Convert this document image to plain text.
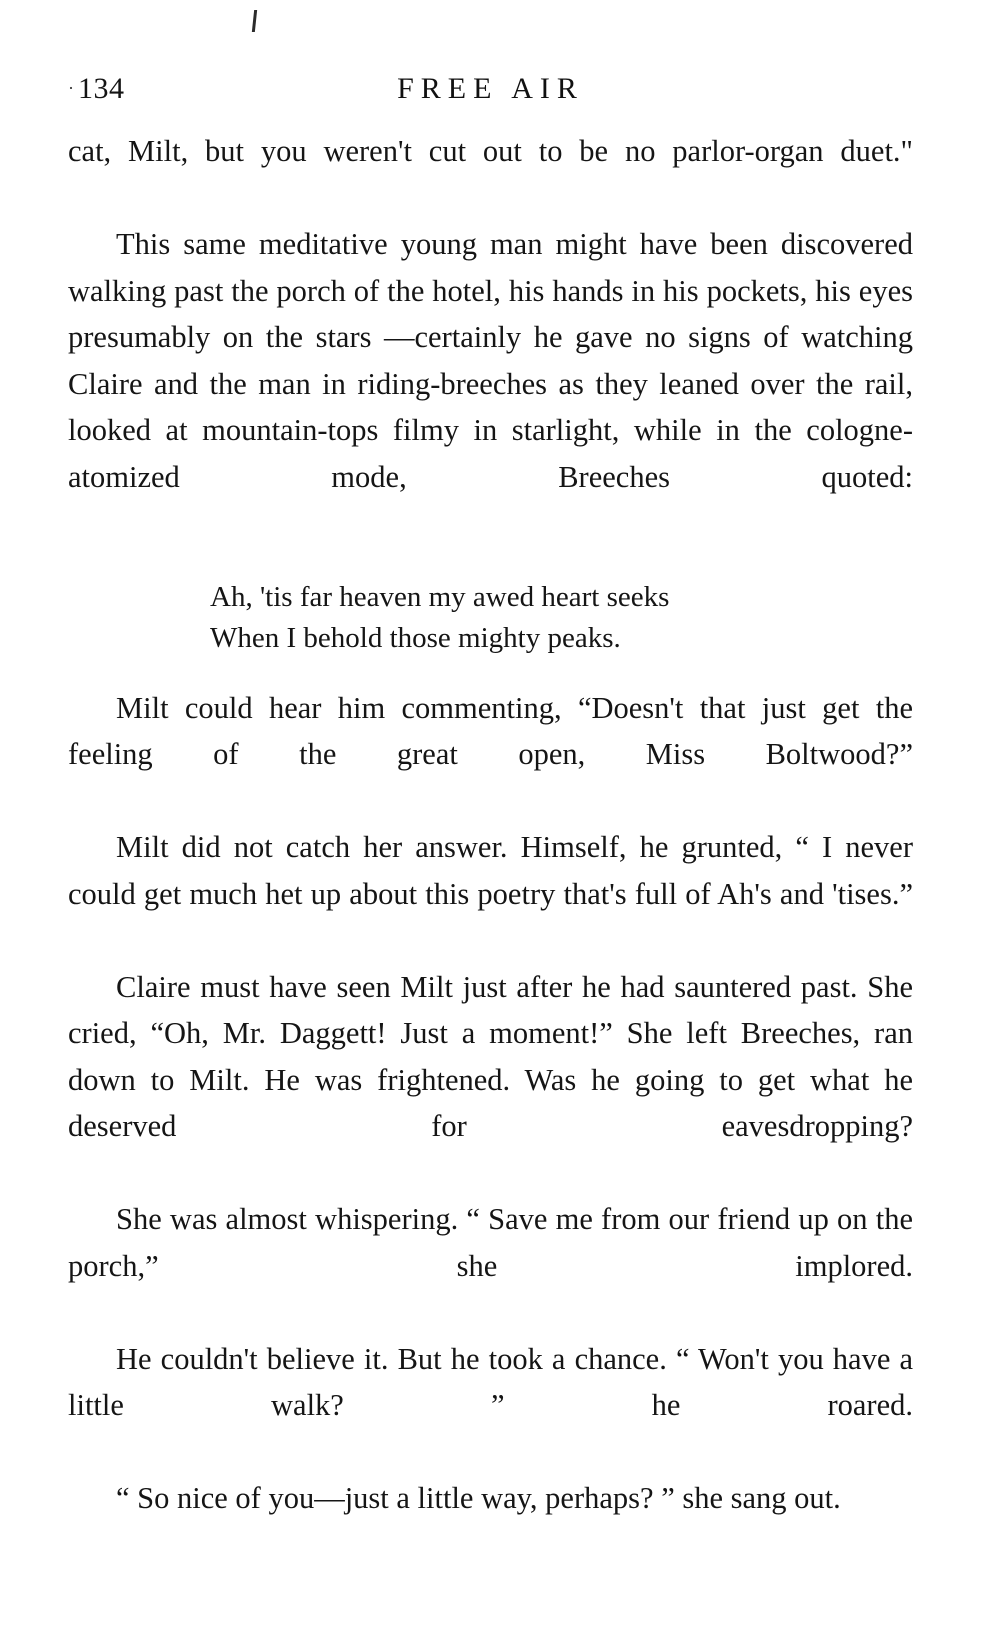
· 134	FREE AIR

cat, Milt, but you weren't cut out to be no parlor-organ duet."

This same meditative young man might have been discovered walking past the porch of the hotel, his hands in his pockets, his eyes presumably on the stars —certainly he gave no signs of watching Claire and the man in riding-breeches as they leaned over the rail, looked at mountain-tops filmy in starlight, while in the cologne-atomized mode, Breeches quoted:

Ah, 'tis far heaven my awed heart seeks
When I behold those mighty peaks.

Milt could hear him commenting, “Doesn't that just get the feeling of the great open, Miss Boltwood?”

Milt did not catch her answer. Himself, he grunted, “ I never could get much het up about this poetry that's full of Ah's and 'tises.”

Claire must have seen Milt just after he had sauntered past. She cried, “Oh, Mr. Daggett! Just a moment!” She left Breeches, ran down to Milt. He was frightened. Was he going to get what he deserved for eavesdropping?

She was almost whispering. “ Save me from our friend up on the porch,” she implored.

He couldn't believe it. But he took a chance. “ Won't you have a little walk? ” he roared.

“ So nice of you—just a little way, perhaps? ” she sang out.
